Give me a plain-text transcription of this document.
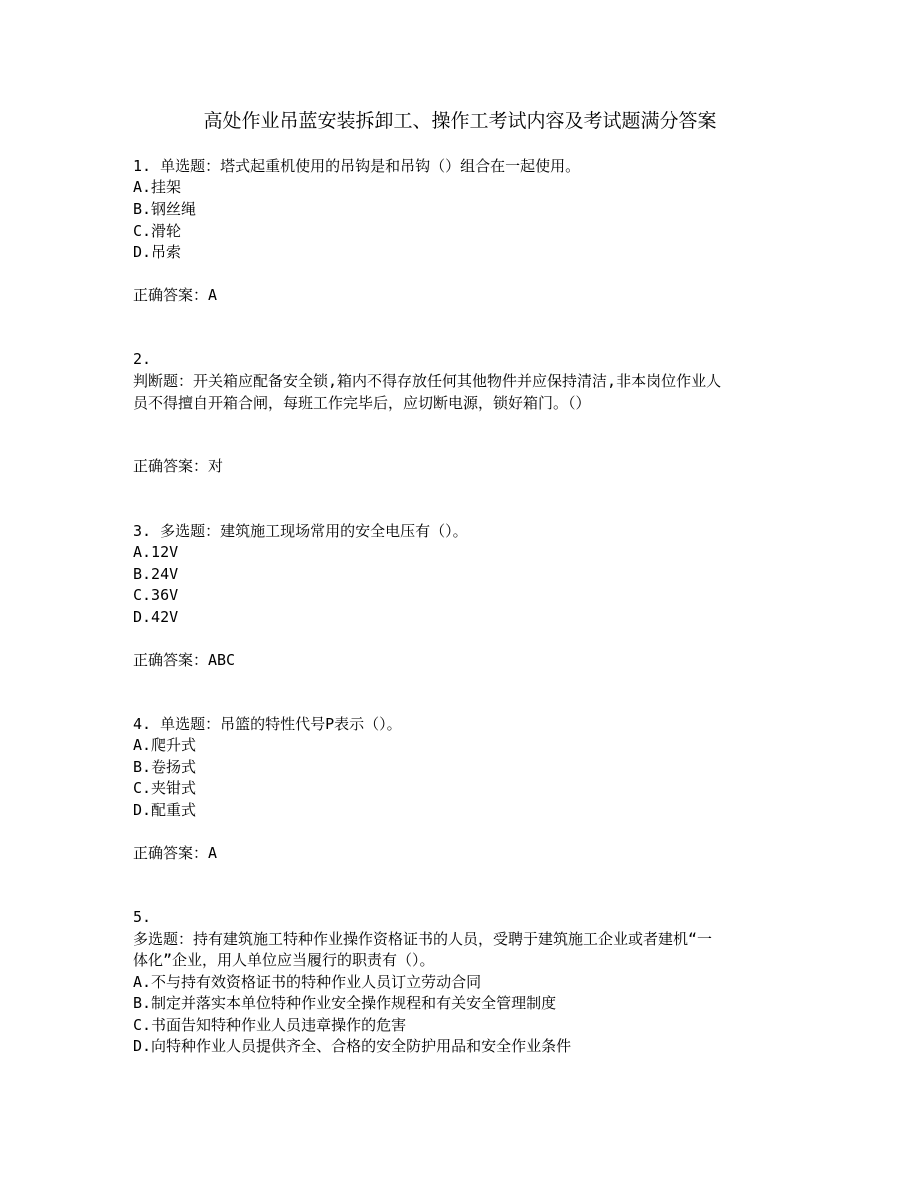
高处作业吊蓝安装拆卸工、操作工考试内容及考试题满分答案
1. 单选题：塔式起重机使用的吊钩是和吊钩（）组合在一起使用。
A.挂架
B.钢丝绳
C.滑轮
D.吊索
正确答案：A
2.
判断题：开关箱应配备安全锁,箱内不得存放任何其他物件并应保持清洁,非本岗位作业人
员不得擅自开箱合闸，每班工作完毕后，应切断电源，锁好箱门。（）
正确答案：对
3. 多选题：建筑施工现场常用的安全电压有（）。
A.12V
B.24V
C.36V
D.42V
正确答案：ABC
4. 单选题：吊篮的特性代号P表示（）。
A.爬升式
B.卷扬式
C.夹钳式
D.配重式
正确答案：A
5.
多选题：持有建筑施工特种作业操作资格证书的人员，受聘于建筑施工企业或者建机“一
体化”企业，用人单位应当履行的职责有（）。
A.不与持有效资格证书的特种作业人员订立劳动合同
B.制定并落实本单位特种作业安全操作规程和有关安全管理制度
C.书面告知特种作业人员违章操作的危害
D.向特种作业人员提供齐全、合格的安全防护用品和安全作业条件
